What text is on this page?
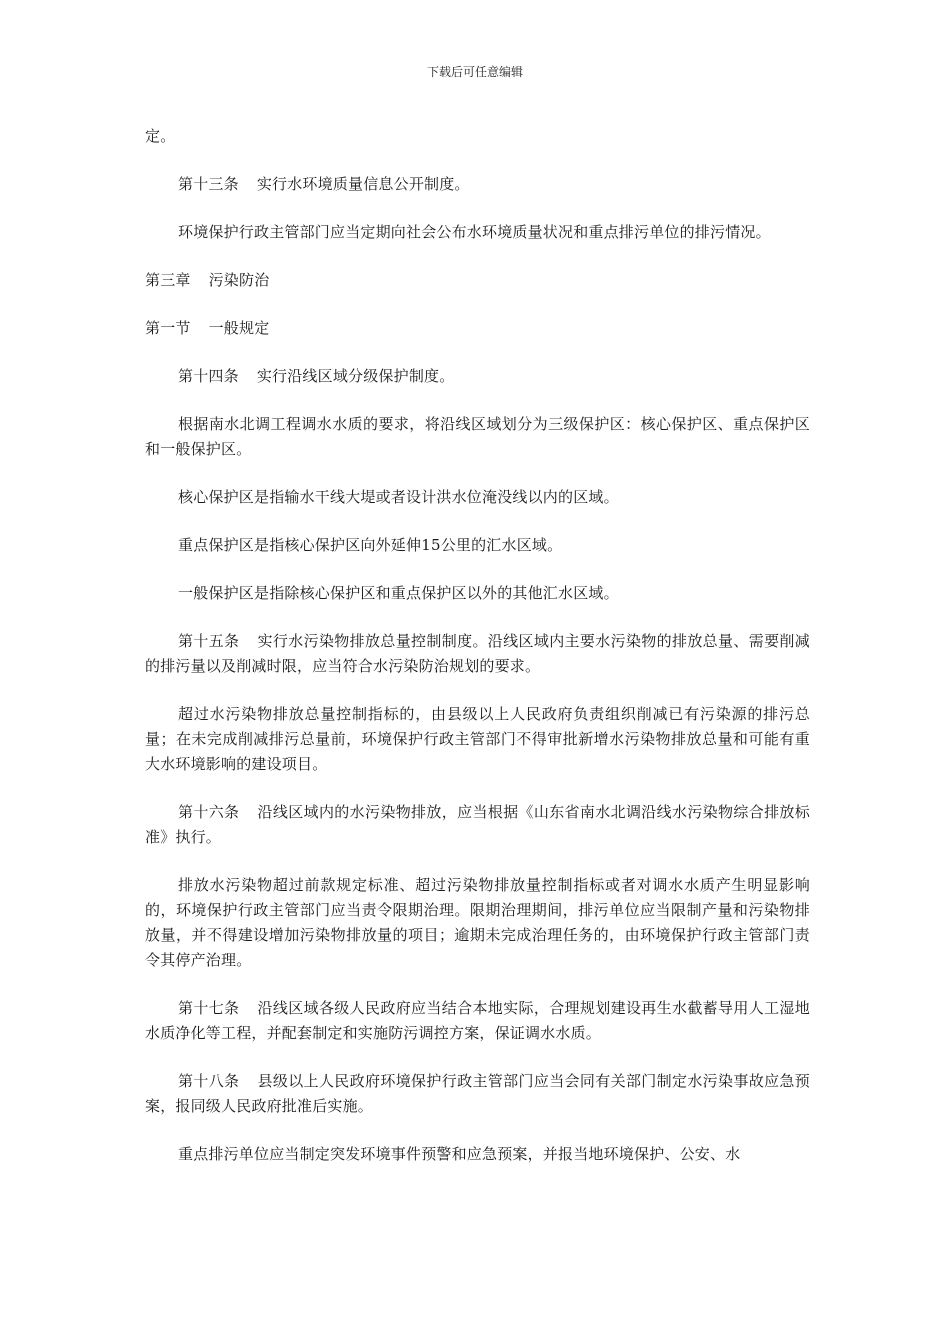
下载后可任意编辑

定。

第十三条 实行水环境质量信息公开制度。

环境保护行政主管部门应当定期向社会公布水环境质量状况和重点排污单位的排污情况。

第三章 污染防治

第一节 一般规定

第十四条 实行沿线区域分级保护制度。

根据南水北调工程调水水质的要求，将沿线区域划分为三级保护区：核心保护区、重点保护区和一般保护区。

核心保护区是指输水干线大堤或者设计洪水位淹没线以内的区域。

重点保护区是指核心保护区向外延伸15公里的汇水区域。

一般保护区是指除核心保护区和重点保护区以外的其他汇水区域。

第十五条 实行水污染物排放总量控制制度。沿线区域内主要水污染物的排放总量、需要削减的排污量以及削减时限，应当符合水污染防治规划的要求。

超过水污染物排放总量控制指标的，由县级以上人民政府负责组织削减已有污染源的排污总量；在未完成削减排污总量前，环境保护行政主管部门不得审批新增水污染物排放总量和可能有重大水环境影响的建设项目。

第十六条 沿线区域内的水污染物排放，应当根据《山东省南水北调沿线水污染物综合排放标准》执行。

排放水污染物超过前款规定标准、超过污染物排放量控制指标或者对调水水质产生明显影响的，环境保护行政主管部门应当责令限期治理。限期治理期间，排污单位应当限制产量和污染物排放量，并不得建设增加污染物排放量的项目；逾期未完成治理任务的，由环境保护行政主管部门责令其停产治理。

第十七条 沿线区域各级人民政府应当结合本地实际，合理规划建设再生水截蓄导用人工湿地水质净化等工程，并配套制定和实施防污调控方案，保证调水水质。

第十八条 县级以上人民政府环境保护行政主管部门应当会同有关部门制定水污染事故应急预案，报同级人民政府批准后实施。

重点排污单位应当制定突发环境事件预警和应急预案，并报当地环境保护、公安、水
